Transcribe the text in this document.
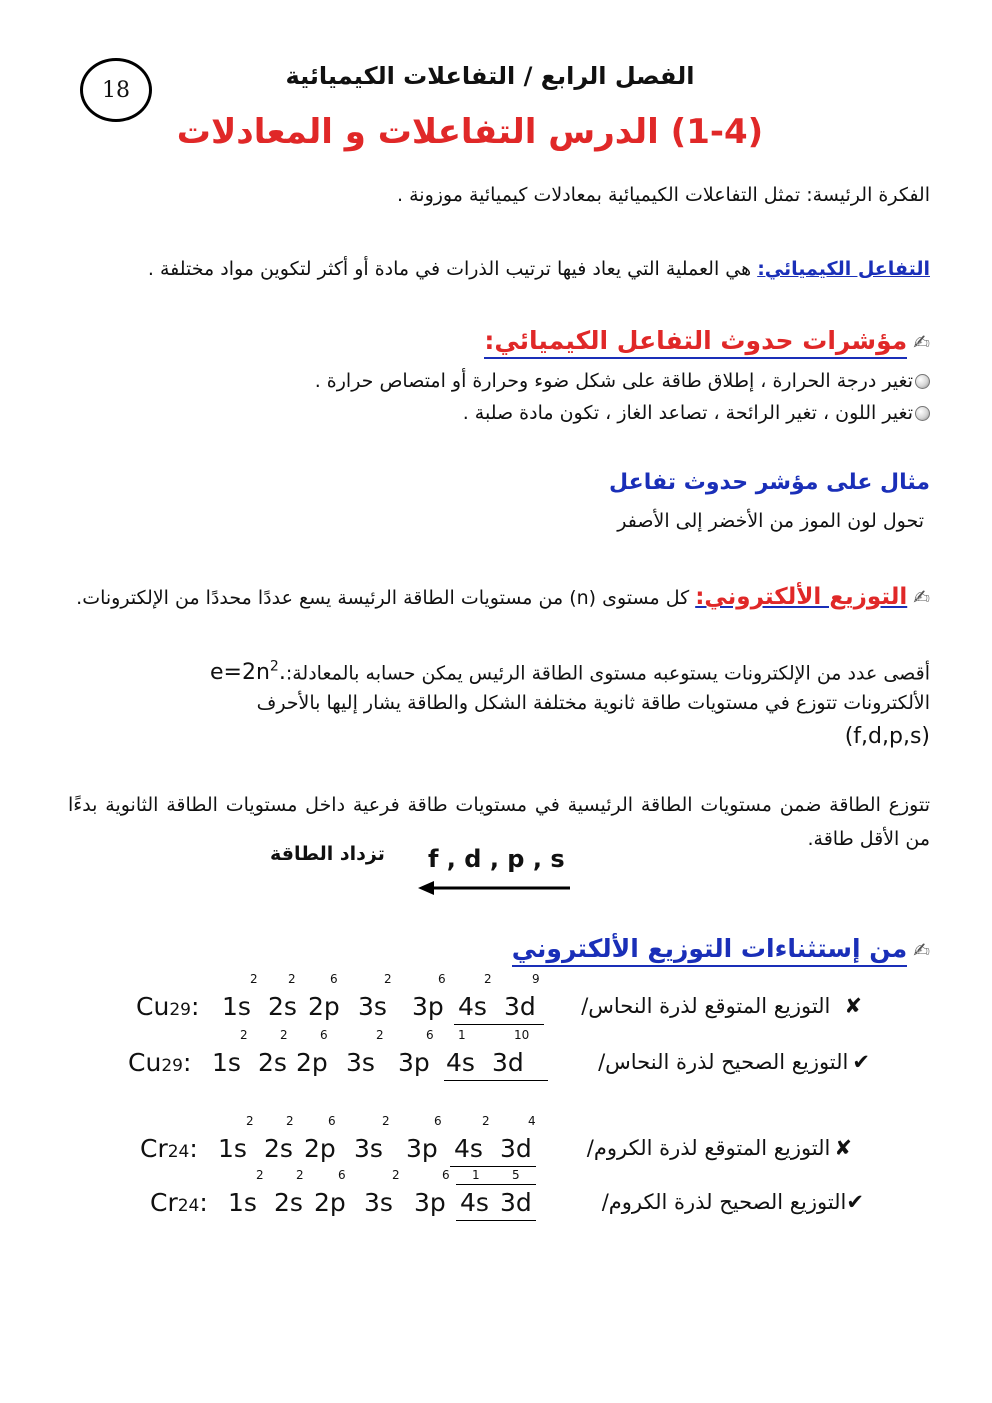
18	الفصل الرابع / التفاعلات الكيميائية
(1-4) الدرس التفاعلات و المعادلات
الفكرة الرئيسة: تمثل التفاعلات الكيميائية بمعادلات كيميائية موزونة .
التفاعل الكيميائي: هي العملية التي يعاد فيها ترتيب الذرات في مادة أو أكثر لتكوين مواد مختلفة .
✍مؤشرات حدوث التفاعل الكيميائي:
تغير درجة الحرارة ، إطلاق طاقة على شكل ضوء وحرارة أو امتصاص حرارة .
تغير اللون ، تغير الرائحة ، تصاعد الغاز ، تكون مادة صلبة .
مثال على مؤشر حدوث تفاعل
تحول لون الموز من الأخضر إلى الأصفر
✍التوزيع الألكتروني: كل مستوى (n) من مستويات الطاقة الرئيسة يسع عددًا محددًا من الإلكترونات.
أقصى عدد من الإلكترونات يستوعبه مستوى الطاقة الرئيس يمكن حسابه $بالمعادلة:e=2n^2$.
الألكترونات تتوزع في مستويات طاقة ثانوية مختلفة الشكل والطاقة يشار إليها بالأحرف
(f,d,p,s)
تتوزع الطاقة ضمن مستويات الطاقة الرئيسية في مستويات طاقة فرعية داخل مستويات الطاقة الثانوية بدءًا من الأقل طاقة.
تزداد الطاقة f , d , p , s
✍من إستثناءات التوزيع الألكتروني
✘التوزيع المتوقع لذرة النحاس/
Cu29:
2
1s
2
2s
6
2p
2
3s
6
3p
2
4s
9
3d
✔التوزيع الصحيح لذرة النحاس/
Cu29:
2
1s
2
2s
6
2p
2
3s
6
3p
1
4s
10
3d
✘التوزيع المتوقع لذرة الكروم/
Cr24:
2
1s
2
2s
6
2p
2
3s
6
3p
2
4s
4
3d
✔التوزيع الصحيح لذرة الكروم/
Cr24:
2
1s
2
2s
6
2p
2
3s
6
3p
1
4s
5
3d
